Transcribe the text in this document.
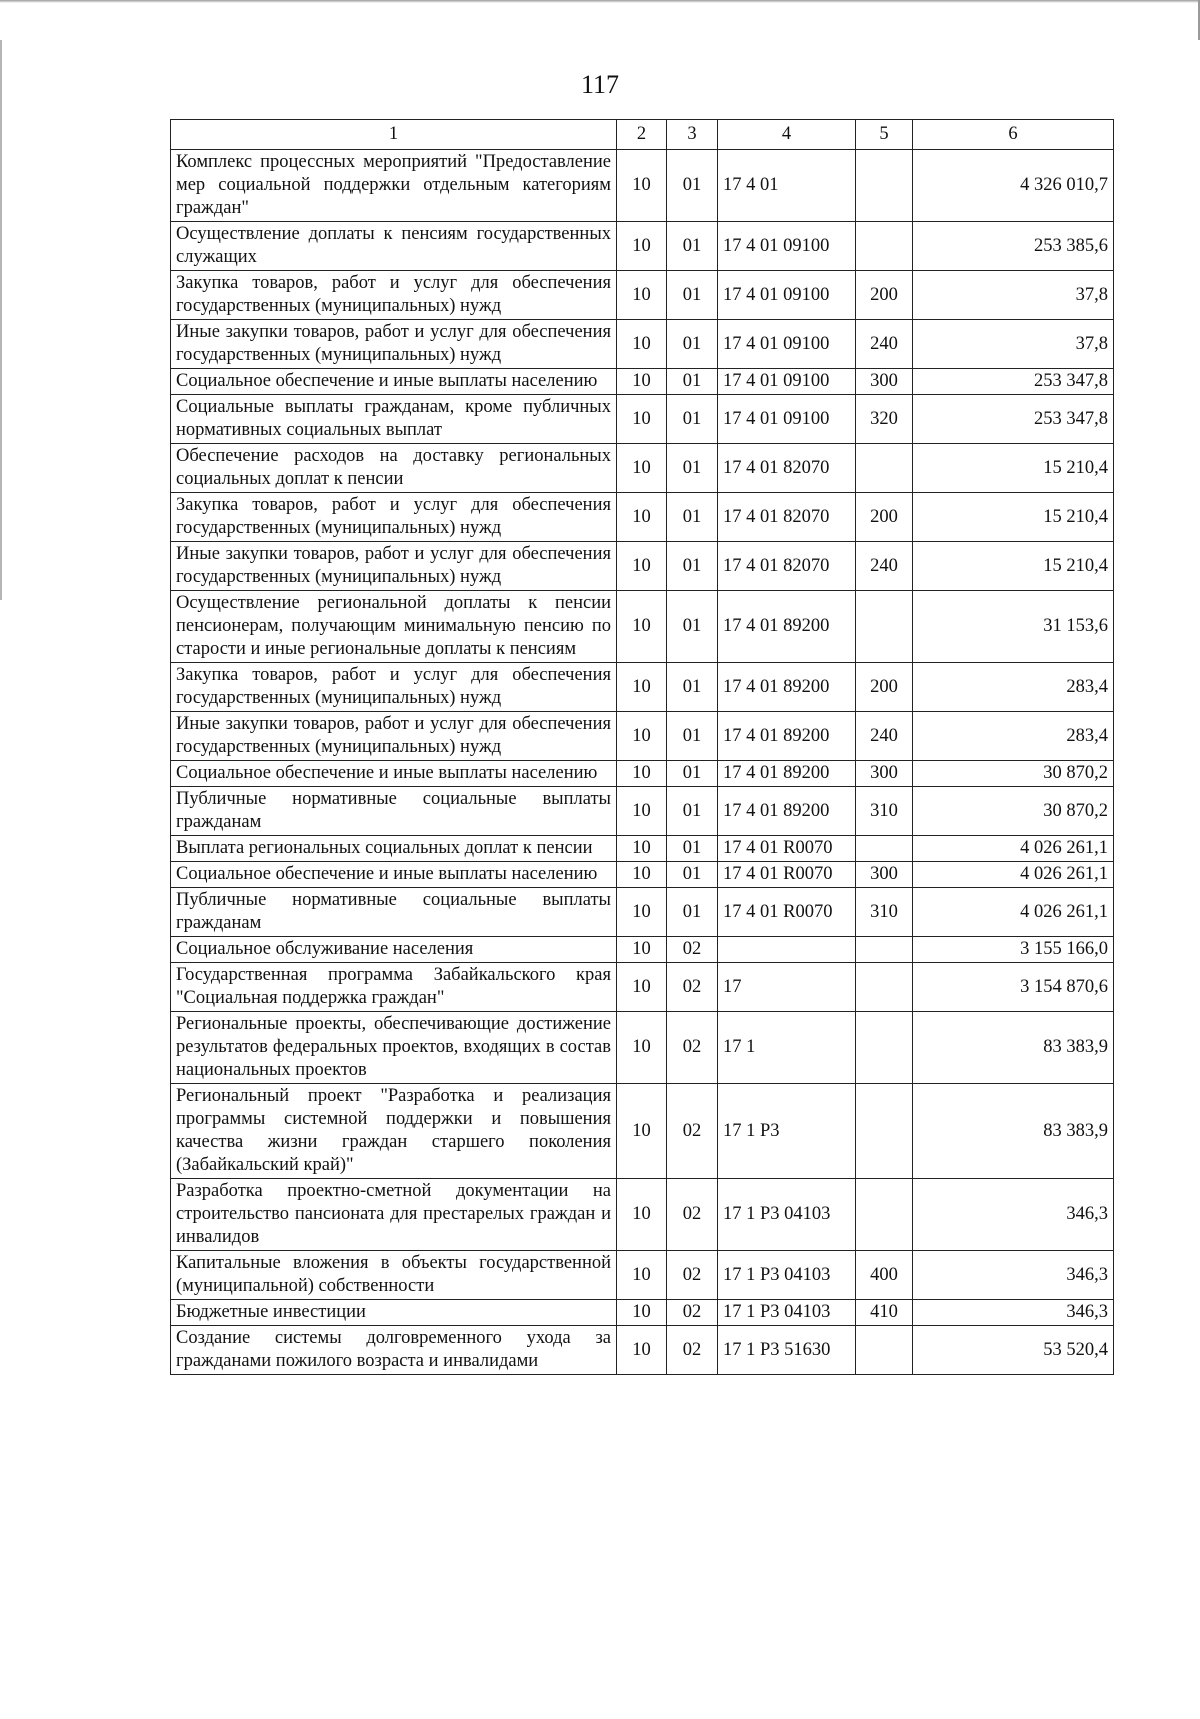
117
1	2	3	4	5	6
Комплекс процессных мероприятий "Предоставление мер социальной поддержки отдельным категориям граждан"	10	01	17 4 01		4 326 010,7
Осуществление доплаты к пенсиям государственных служащих	10	01	17 4 01 09100		253 385,6
Закупка товаров, работ и услуг для обеспечения государственных (муниципальных) нужд	10	01	17 4 01 09100	200	37,8
Иные закупки товаров, работ и услуг для обеспечения государственных (муниципальных) нужд	10	01	17 4 01 09100	240	37,8
Социальное обеспечение и иные выплаты населению	10	01	17 4 01 09100	300	253 347,8
Социальные выплаты гражданам, кроме публичных нормативных социальных выплат	10	01	17 4 01 09100	320	253 347,8
Обеспечение расходов на доставку региональных социальных доплат к пенсии	10	01	17 4 01 82070		15 210,4
Закупка товаров, работ и услуг для обеспечения государственных (муниципальных) нужд	10	01	17 4 01 82070	200	15 210,4
Иные закупки товаров, работ и услуг для обеспечения государственных (муниципальных) нужд	10	01	17 4 01 82070	240	15 210,4
Осуществление региональной доплаты к пенсии пенсионерам, получающим минимальную пенсию по старости и иные региональные доплаты к пенсиям	10	01	17 4 01 89200		31 153,6
Закупка товаров, работ и услуг для обеспечения государственных (муниципальных) нужд	10	01	17 4 01 89200	200	283,4
Иные закупки товаров, работ и услуг для обеспечения государственных (муниципальных) нужд	10	01	17 4 01 89200	240	283,4
Социальное обеспечение и иные выплаты населению	10	01	17 4 01 89200	300	30 870,2
Публичные нормативные социальные выплаты гражданам	10	01	17 4 01 89200	310	30 870,2
Выплата региональных социальных доплат к пенсии	10	01	17 4 01 R0070		4 026 261,1
Социальное обеспечение и иные выплаты населению	10	01	17 4 01 R0070	300	4 026 261,1
Публичные нормативные социальные выплаты гражданам	10	01	17 4 01 R0070	310	4 026 261,1
Социальное обслуживание населения	10	02			3 155 166,0
Государственная программа Забайкальского края "Социальная поддержка граждан"	10	02	17		3 154 870,6
Региональные проекты, обеспечивающие достижение результатов федеральных проектов, входящих в состав национальных проектов	10	02	17 1		83 383,9
Региональный проект "Разработка и реализация программы системной поддержки и повышения качества жизни граждан старшего поколения (Забайкальский край)"	10	02	17 1 P3		83 383,9
Разработка проектно-сметной документации на строительство пансионата для престарелых граждан и инвалидов	10	02	17 1 P3 04103		346,3
Капитальные вложения в объекты государственной (муниципальной) собственности	10	02	17 1 P3 04103	400	346,3
Бюджетные инвестиции	10	02	17 1 P3 04103	410	346,3
Создание системы долговременного ухода за гражданами пожилого возраста и инвалидами	10	02	17 1 P3 51630		53 520,4
